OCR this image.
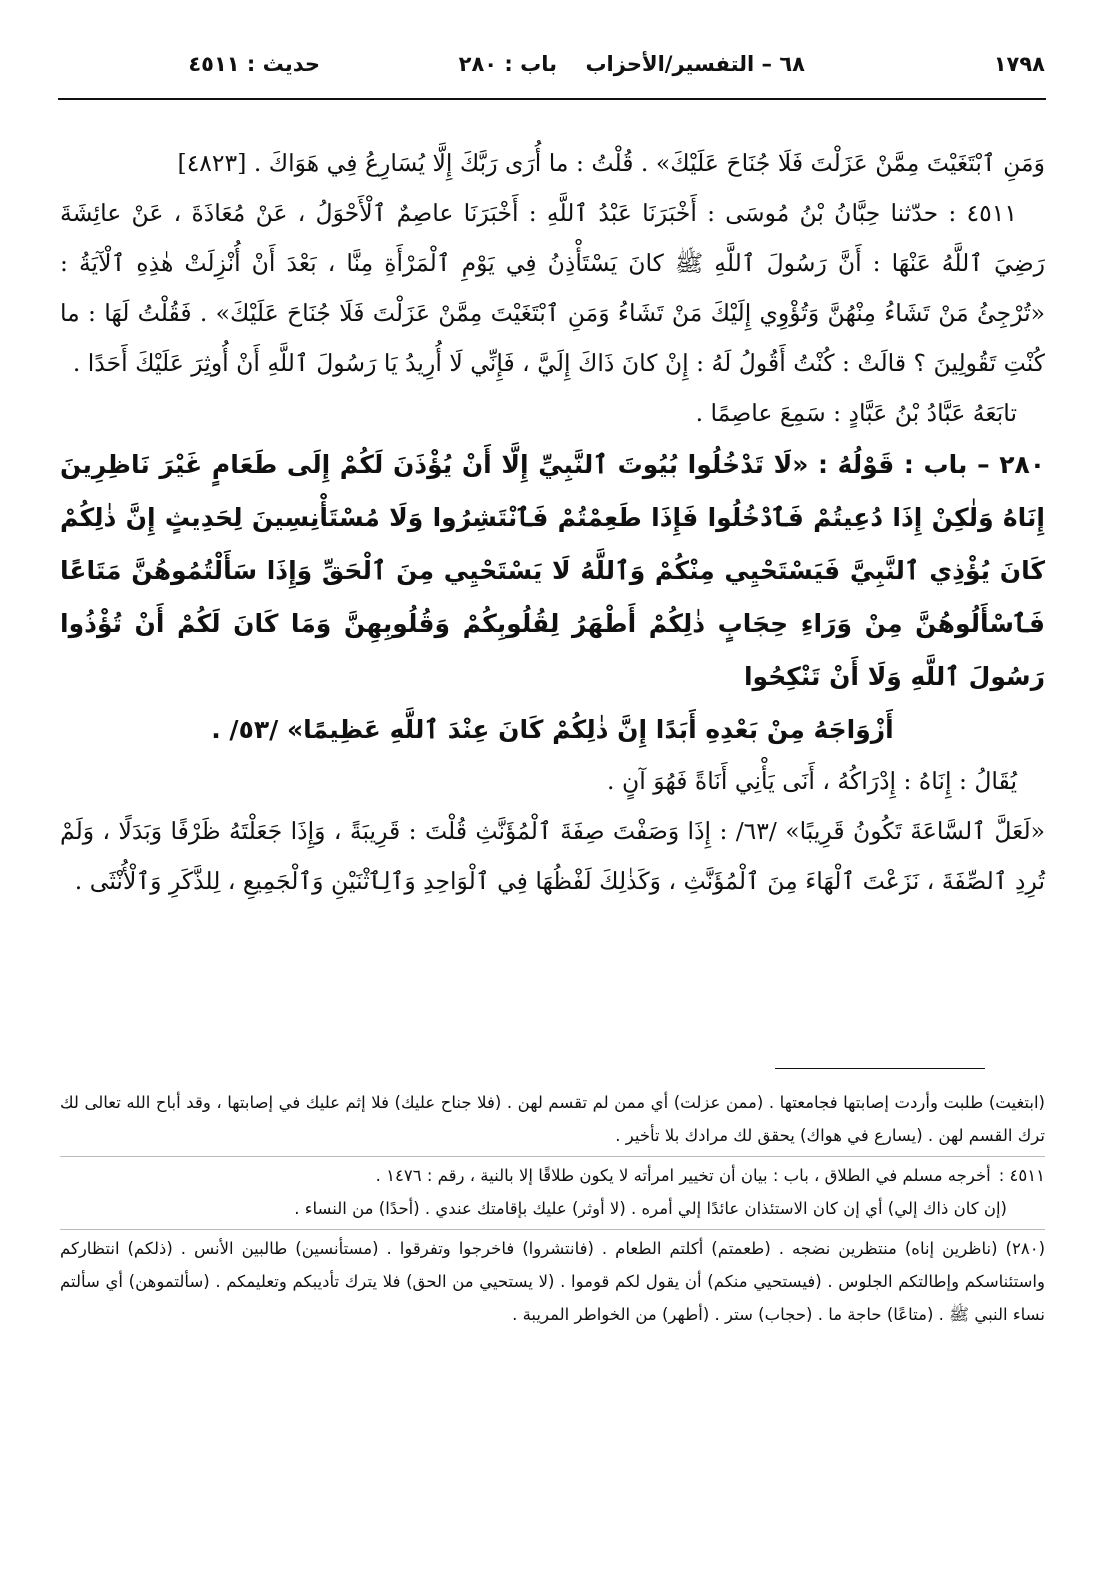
١٧٩٨
٦٨ – التفسير/الأحزاب
باب : ٢٨٠
حديث : ٤٥١١

وَمَنِ ٱبْتَغَيْتَ مِمَّنْ عَزَلْتَ فَلَا جُنَاحَ عَلَيْكَ» . قُلْتُ : ما أُرَى رَبَّكَ إِلَّا يُسَارِعُ فِي هَوَاكَ . [٤٨٢٣]

٤٥١١ : حدّثنا حِبَّانُ بْنُ مُوسَى : أَخْبَرَنَا عَبْدُ ٱللَّهِ : أَخْبَرَنَا عاصِمٌ ٱلْأَحْوَلُ ، عَنْ مُعَاذَةَ ، عَنْ عائِشَةَ رَضِيَ ٱللَّهُ عَنْهَا : أَنَّ رَسُولَ ٱللَّهِ ﷺ كانَ يَسْتَأْذِنُ فِي يَوْمِ ٱلْمَرْأَةِ مِنَّا ، بَعْدَ أَنْ أُنْزِلَتْ هٰذِهِ ٱلْآيَةُ : «تُرْجِئُ مَنْ تَشَاءُ مِنْهُنَّ وَتُؤْوِي إِلَيْكَ مَنْ تَشَاءُ وَمَنِ ٱبْتَغَيْتَ مِمَّنْ عَزَلْتَ فَلَا جُنَاحَ عَلَيْكَ» . فَقُلْتُ لَهَا : ما كُنْتِ تَقُولِينَ ؟ قالَتْ : كُنْتُ أَقُولُ لَهُ : إِنْ كانَ ذَاكَ إِلَيَّ ، فَإِنِّي لَا أُرِيدُ يَا رَسُولَ ٱللَّهِ أَنْ أُوثِرَ عَلَيْكَ أَحَدًا .

تابَعَهُ عَبَّادُ بْنُ عَبَّادٍ : سَمِعَ عاصِمًا .

٢٨٠ – باب : قَوْلُهُ : «لَا تَدْخُلُوا بُيُوتَ ٱلنَّبِيِّ إِلَّا أَنْ يُؤْذَنَ لَكُمْ إِلَى طَعَامٍ غَيْرَ نَاظِرِينَ إِنَاهُ وَلٰكِنْ إِذَا دُعِيتُمْ فَٱدْخُلُوا فَإِذَا طَعِمْتُمْ فَٱنْتَشِرُوا وَلَا مُسْتَأْنِسِينَ لِحَدِيثٍ إِنَّ ذٰلِكُمْ كَانَ يُؤْذِي ٱلنَّبِيَّ فَيَسْتَحْيِي مِنْكُمْ وَٱللَّهُ لَا يَسْتَحْيِي مِنَ ٱلْحَقِّ وَإِذَا سَأَلْتُمُوهُنَّ مَتَاعًا فَٱسْأَلُوهُنَّ مِنْ وَرَاءِ حِجَابٍ ذٰلِكُمْ أَطْهَرُ لِقُلُوبِكُمْ وَقُلُوبِهِنَّ وَمَا كَانَ لَكُمْ أَنْ تُؤْذُوا رَسُولَ ٱللَّهِ وَلَا أَنْ تَنْكِحُوا

أَزْوَاجَهُ مِنْ بَعْدِهِ أَبَدًا إِنَّ ذٰلِكُمْ كَانَ عِنْدَ ٱللَّهِ عَظِيمًا» /٥٣/ .

يُقَالُ : إِنَاهُ : إِدْرَاكُهُ ، أَنَى يَأْنِي أَنَاةً فَهُوَ آنٍ .

«لَعَلَّ ٱلسَّاعَةَ تَكُونُ قَرِيبًا» /٦٣/ : إِذَا وَصَفْتَ صِفَةَ ٱلْمُؤَنَّثِ قُلْتَ : قَرِيبَةً ، وَإِذَا جَعَلْتَهُ ظَرْفًا وَبَدَلًا ، وَلَمْ تُرِدِ ٱلصِّفَةَ ، نَزَعْتَ ٱلْهَاءَ مِنَ ٱلْمُؤَنَّثِ ، وَكَذٰلِكَ لَفْظُهَا فِي ٱلْوَاحِدِ وَٱلِٱثْنَيْنِ وَٱلْجَمِيعِ ، لِلذَّكَرِ وَٱلْأُنْثَى .

(ابتغيت) طلبت وأردت إصابتها فجامعتها . (ممن عزلت) أي ممن لم تقسم لهن . (فلا جناح عليك) فلا إثم عليك في إصابتها ، وقد أباح الله تعالى لك ترك القسم لهن . (يسارع في هواك) يحقق لك مرادك بلا تأخير .

٤٥١١ :
أخرجه مسلم في الطلاق ، باب : بيان أن تخيير امرأته لا يكون طلاقًا إلا بالنية ، رقم : ١٤٧٦ .

(إن كان ذاك إلي) أي إن كان الاستئذان عائدًا إلي أمره . (لا أوثر) عليك بإقامتك عندي . (أحدًا) من النساء .

(٢٨٠) (ناظرين إناه) منتظرين نضجه . (طعمتم) أكلتم الطعام . (فانتشروا) فاخرجوا وتفرقوا . (مستأنسين) طالبين الأنس . (ذلكم) انتظاركم واستئناسكم وإطالتكم الجلوس . (فيستحيي منكم) أن يقول لكم قوموا . (لا يستحيي من الحق) فلا يترك تأديبكم وتعليمكم . (سألتموهن) أي سألتم نساء النبي ﷺ . (متاعًا) حاجة ما . (حجاب) ستر . (أطهر) من الخواطر المريبة .
